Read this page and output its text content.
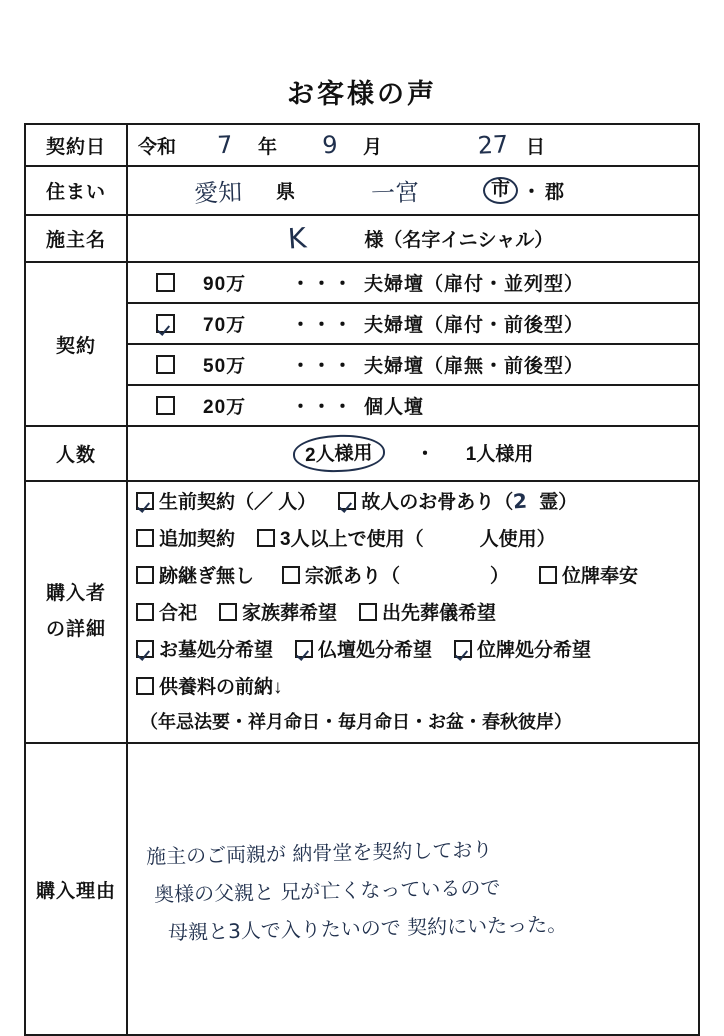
お客様の声
契約日	令和	7	年	9	月	27 日

住まい	愛知 県	一宮	市 ・ 郡

施主名	K 様（名字イニシャル）

契約	90万 ・・・ 夫婦壇（扉付・並列型）

	70万 ・・・ 夫婦壇（扉付・前後型）

	50万 ・・・ 夫婦壇（扉無・前後型）

	20万 ・・・ 個人壇

人数	2人様用 ・ 1人様用

購入者
の詳細

生前契約（ ／ 人） 故人のお骨あり（ 2 霊）
追加契約 3人以上で使用（	人使用）
跡継ぎ無し	宗派あり（	）	位牌奉安
合祀 家族葬希望 出先葬儀希望
お墓処分希望 仏壇処分希望 位牌処分希望
供養料の前納↓
（年忌法要・祥月命日・毎月命日・お盆・春秋彼岸）

購入理由	施主のご両親が 納骨堂を契約しており
奥様の父親と 兄が亡くなっているので
母親と3人で入りたいので 契約にいたった。
